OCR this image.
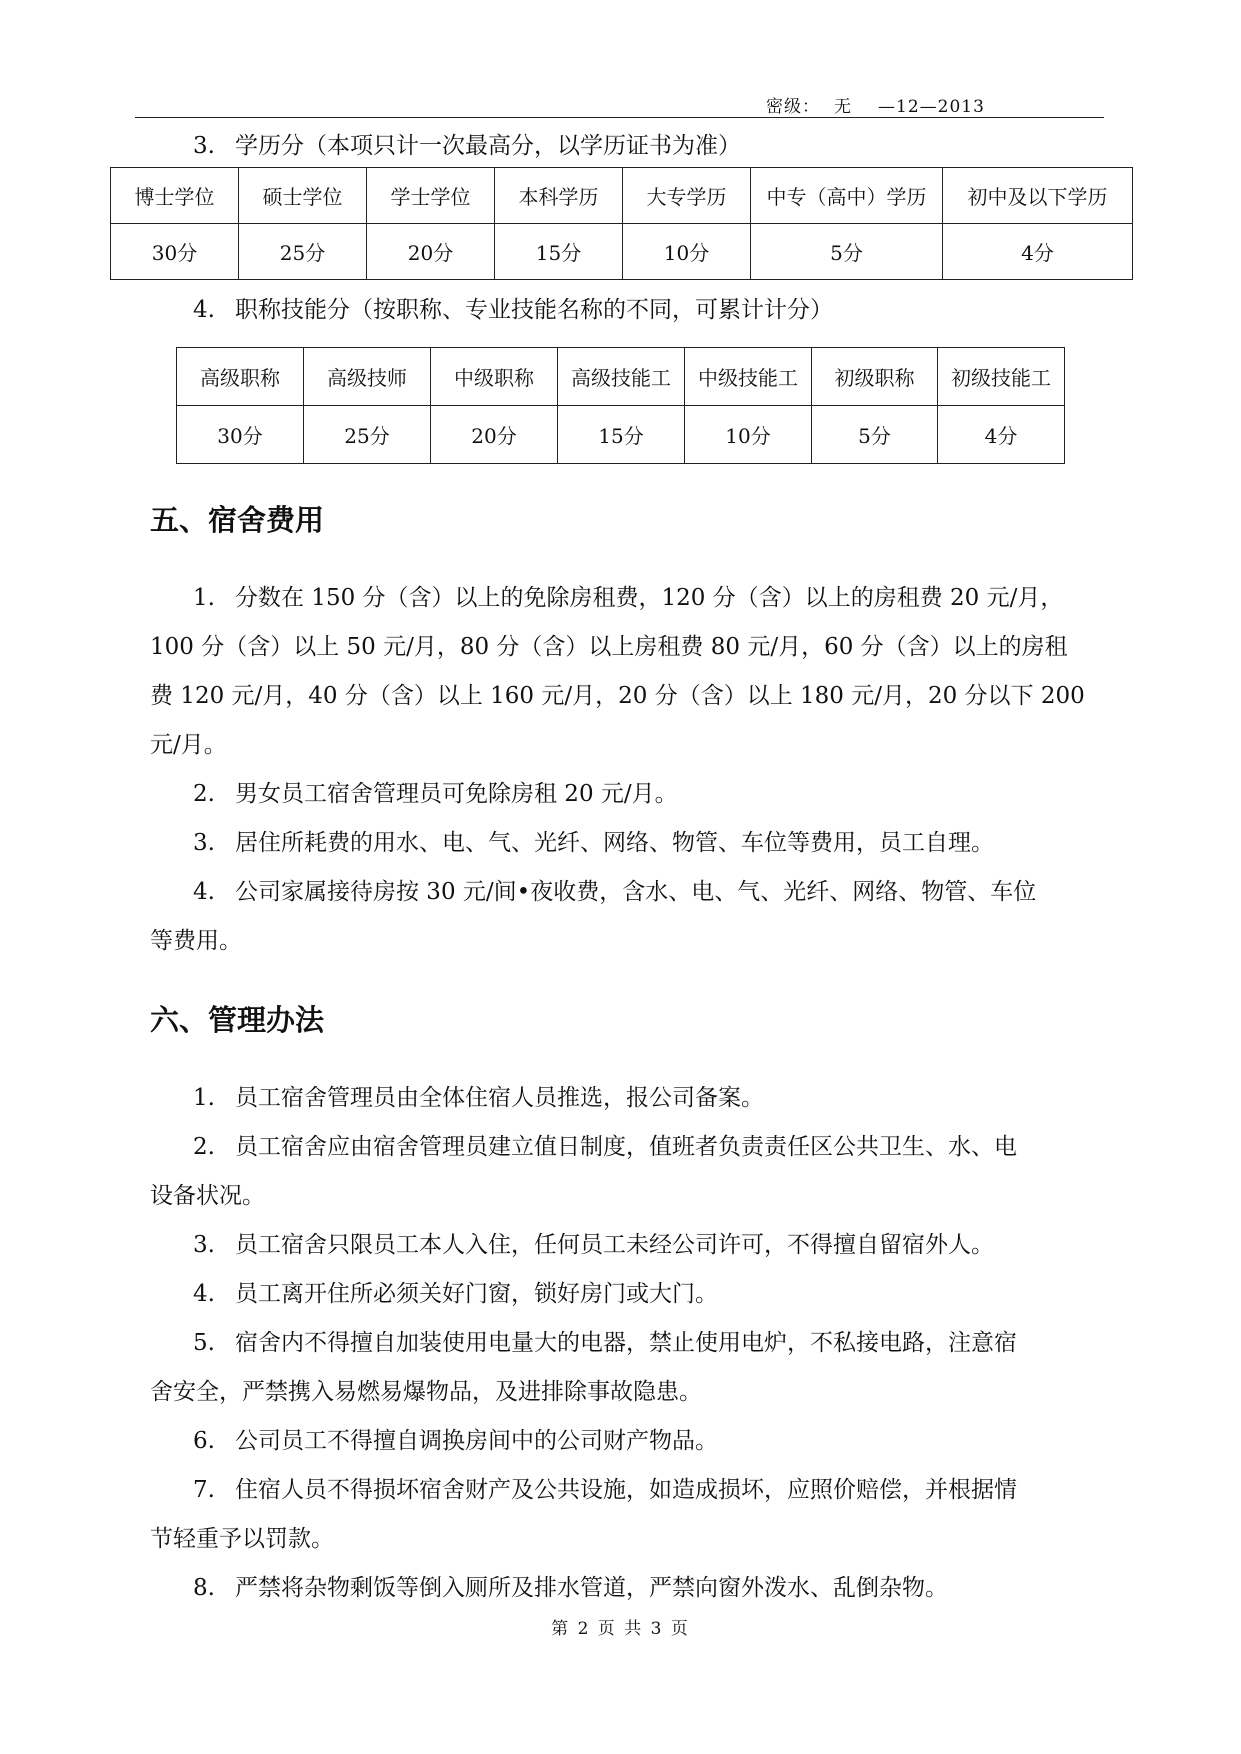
密级： 无 —12—2013
3. 学历分（本项只计一次最高分，以学历证书为准）
博士学位	硕士学位	学士学位	本科学历	大专学历	中专（高中）学历	初中及以下学历
30分	25分	20分	15分	10分	5分	4分
4. 职称技能分（按职称、专业技能名称的不同，可累计计分）
高级职称	高级技师	中级职称	高级技能工	中级技能工	初级职称	初级技能工
30分	25分	20分	15分	10分	5分	4分
五、宿舍费用
1. 分数在 150 分（含）以上的免除房租费，120 分（含）以上的房租费 20 元/月，
100 分（含）以上 50 元/月，80 分（含）以上房租费 80 元/月，60 分（含）以上的房租
费 120 元/月，40 分（含）以上 160 元/月，20 分（含）以上 180 元/月，20 分以下 200
元/月。
2. 男女员工宿舍管理员可免除房租 20 元/月。
3. 居住所耗费的用水、电、气、光纤、网络、物管、车位等费用，员工自理。
4. 公司家属接待房按 30 元/间•夜收费，含水、电、气、光纤、网络、物管、车位
等费用。
六、管理办法
1. 员工宿舍管理员由全体住宿人员推选，报公司备案。
2. 员工宿舍应由宿舍管理员建立值日制度，值班者负责责任区公共卫生、水、电
设备状况。
3. 员工宿舍只限员工本人入住，任何员工未经公司许可，不得擅自留宿外人。
4. 员工离开住所必须关好门窗，锁好房门或大门。
5. 宿舍内不得擅自加装使用电量大的电器，禁止使用电炉，不私接电路，注意宿
舍安全，严禁携入易燃易爆物品，及进排除事故隐患。
6. 公司员工不得擅自调换房间中的公司财产物品。
7. 住宿人员不得损坏宿舍财产及公共设施，如造成损坏，应照价赔偿，并根据情
节轻重予以罚款。
8. 严禁将杂物剩饭等倒入厕所及排水管道，严禁向窗外泼水、乱倒杂物。
第 2 页 共 3 页
